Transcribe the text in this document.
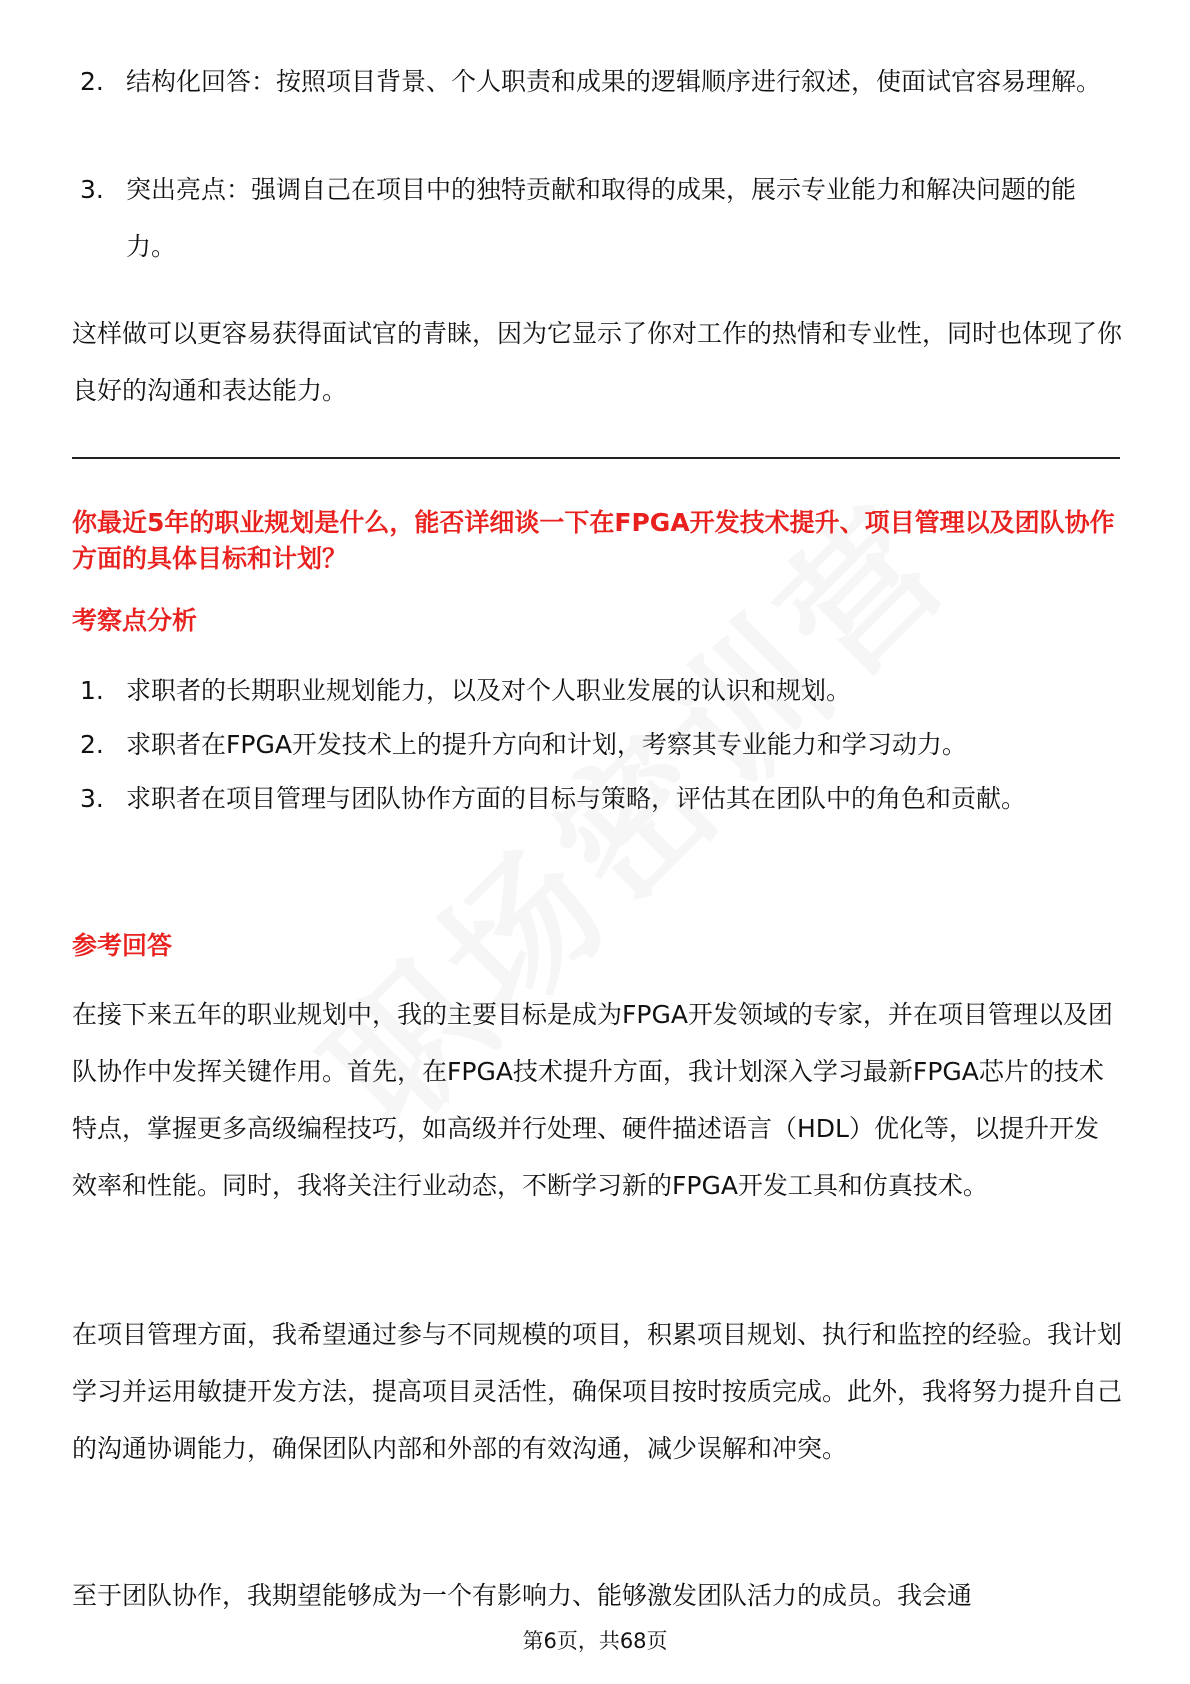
2. 结构化回答：按照项目背景、个人职责和成果的逻辑顺序进行叙述，使面试官容易理解。
3. 突出亮点：强调自己在项目中的独特贡献和取得的成果，展示专业能力和解决问题的能力。
这样做可以更容易获得面试官的青睐，因为它显示了你对工作的热情和专业性，同时也体现了你良好的沟通和表达能力。
你最近5年的职业规划是什么，能否详细谈一下在FPGA开发技术提升、项目管理以及团队协作方面的具体目标和计划？
考察点分析
1. 求职者的长期职业规划能力，以及对个人职业发展的认识和规划。
2. 求职者在FPGA开发技术上的提升方向和计划，考察其专业能力和学习动力。
3. 求职者在项目管理与团队协作方面的目标与策略，评估其在团队中的角色和贡献。
参考回答
在接下来五年的职业规划中，我的主要目标是成为FPGA开发领域的专家，并在项目管理以及团队协作中发挥关键作用。首先，在FPGA技术提升方面，我计划深入学习最新FPGA芯片的技术特点，掌握更多高级编程技巧，如高级并行处理、硬件描述语言（HDL）优化等，以提升开发效率和性能。同时，我将关注行业动态，不断学习新的FPGA开发工具和仿真技术。
在项目管理方面，我希望通过参与不同规模的项目，积累项目规划、执行和监控的经验。我计划学习并运用敏捷开发方法，提高项目灵活性，确保项目按时按质完成。此外，我将努力提升自己的沟通协调能力，确保团队内部和外部的有效沟通，减少误解和冲突。
至于团队协作，我期望能够成为一个有影响力、能够激发团队活力的成员。我会通
第6页，共68页
